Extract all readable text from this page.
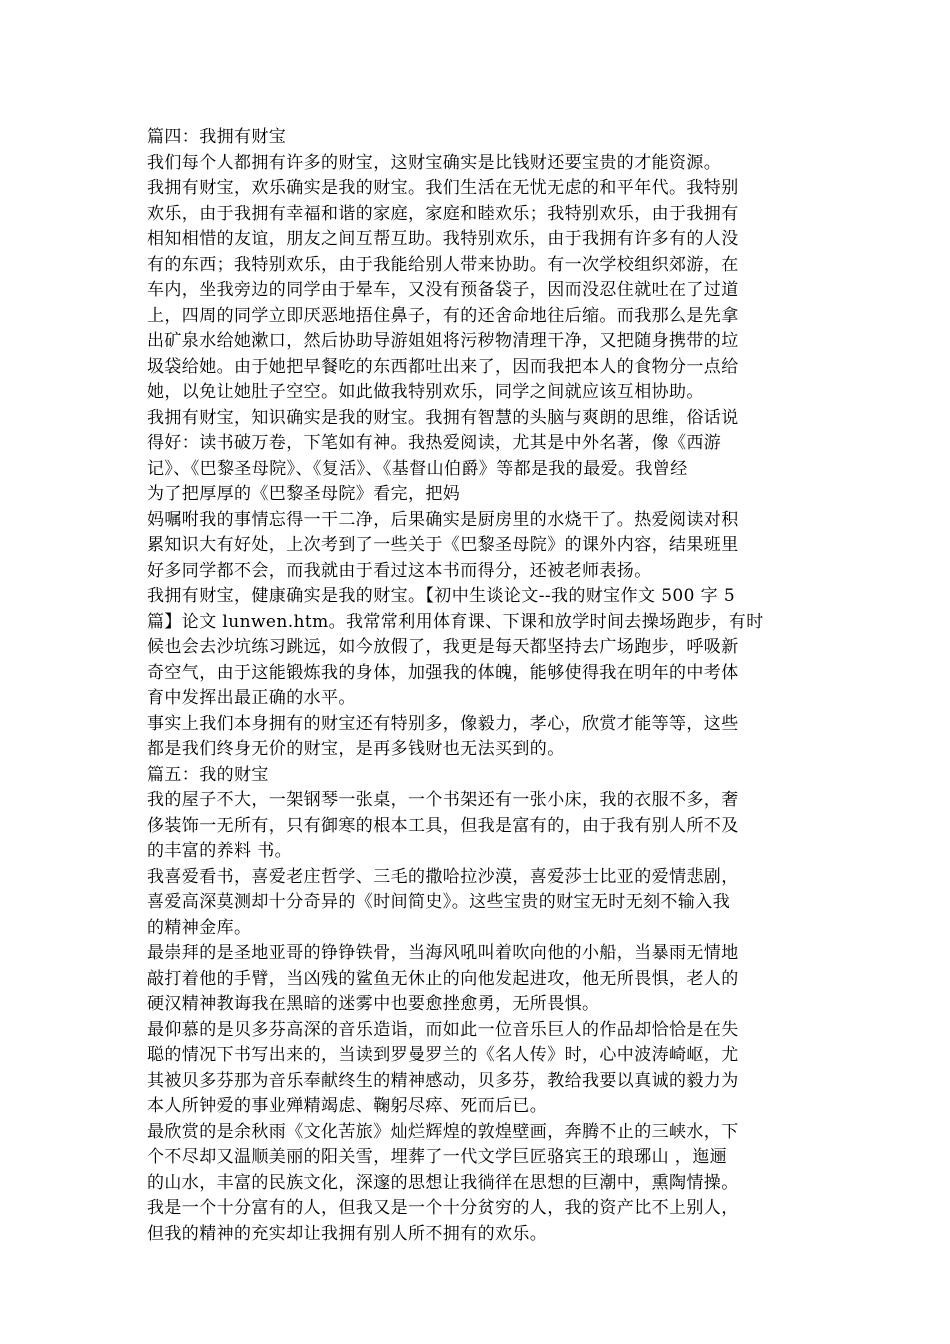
篇四：我拥有财宝
我们每个人都拥有许多的财宝，这财宝确实是比钱财还要宝贵的才能资源。
我拥有财宝，欢乐确实是我的财宝。我们生活在无忧无虑的和平年代。我特别
欢乐，由于我拥有幸福和谐的家庭，家庭和睦欢乐；我特别欢乐，由于我拥有
相知相惜的友谊，朋友之间互帮互助。我特别欢乐，由于我拥有许多有的人没
有的东西；我特别欢乐，由于我能给别人带来协助。有一次学校组织郊游，在
车内，坐我旁边的同学由于晕车，又没有预备袋子，因而没忍住就吐在了过道
上，四周的同学立即厌恶地捂住鼻子，有的还舍命地往后缩。而我那么是先拿
出矿泉水给她漱口，然后协助导游姐姐将污秽物清理干净，又把随身携带的垃
圾袋给她。由于她把早餐吃的东西都吐出来了，因而我把本人的食物分一点给
她，以免让她肚子空空。如此做我特别欢乐，同学之间就应该互相协助。
我拥有财宝，知识确实是我的财宝。我拥有智慧的头脑与爽朗的思维，俗话说
得好：读书破万卷，下笔如有神。我热爱阅读，尤其是中外名著，像《西游
记》、《巴黎圣母院》、《复活》、《基督山伯爵》等都是我的最爱。我曾经
为了把厚厚的《巴黎圣母院》看完，把妈
妈嘱咐我的事情忘得一干二净，后果确实是厨房里的水烧干了。热爱阅读对积
累知识大有好处，上次考到了一些关于《巴黎圣母院》的课外内容，结果班里
好多同学都不会，而我就由于看过这本书而得分，还被老师表扬。
我拥有财宝，健康确实是我的财宝。【初中生谈论文--我的财宝作文 500 字 5
篇】论文 lunwen.htm。我常常利用体育课、下课和放学时间去操场跑步，有时
候也会去沙坑练习跳远，如今放假了，我更是每天都坚持去广场跑步，呼吸新
奇空气，由于这能锻炼我的身体，加强我的体魄，能够使得我在明年的中考体
育中发挥出最正确的水平。
事实上我们本身拥有的财宝还有特别多，像毅力，孝心，欣赏才能等等，这些
都是我们终身无价的财宝，是再多钱财也无法买到的。
篇五：我的财宝
我的屋子不大，一架钢琴一张桌，一个书架还有一张小床，我的衣服不多，奢
侈装饰一无所有，只有御寒的根本工具，但我是富有的，由于我有别人所不及
的丰富的养料 书。
我喜爱看书，喜爱老庄哲学、三毛的撒哈拉沙漠，喜爱莎士比亚的爱情悲剧，
喜爱高深莫测却十分奇异的《时间简史》。这些宝贵的财宝无时无刻不输入我
的精神金库。
最崇拜的是圣地亚哥的铮铮铁骨，当海风吼叫着吹向他的小船，当暴雨无情地
敲打着他的手臂，当凶残的鲨鱼无休止的向他发起进攻，他无所畏惧，老人的
硬汉精神教诲我在黑暗的迷雾中也要愈挫愈勇，无所畏惧。
最仰慕的是贝多芬高深的音乐造诣，而如此一位音乐巨人的作品却恰恰是在失
聪的情况下书写出来的，当读到罗曼罗兰的《名人传》时，心中波涛崎岖，尤
其被贝多芬那为音乐奉献终生的精神感动，贝多芬，教给我要以真诚的毅力为
本人所钟爱的事业殚精竭虑、鞠躬尽瘁、死而后已。
最欣赏的是余秋雨《文化苦旅》灿烂辉煌的敦煌壁画，奔腾不止的三峡水，下
个不尽却又温顺美丽的阳关雪，埋葬了一代文学巨匠骆宾王的琅琊山 ，迤逦
的山水，丰富的民族文化，深邃的思想让我徜徉在思想的巨潮中，熏陶情操。
我是一个十分富有的人，但我又是一个十分贫穷的人，我的资产比不上别人，
但我的精神的充实却让我拥有别人所不拥有的欢乐。
